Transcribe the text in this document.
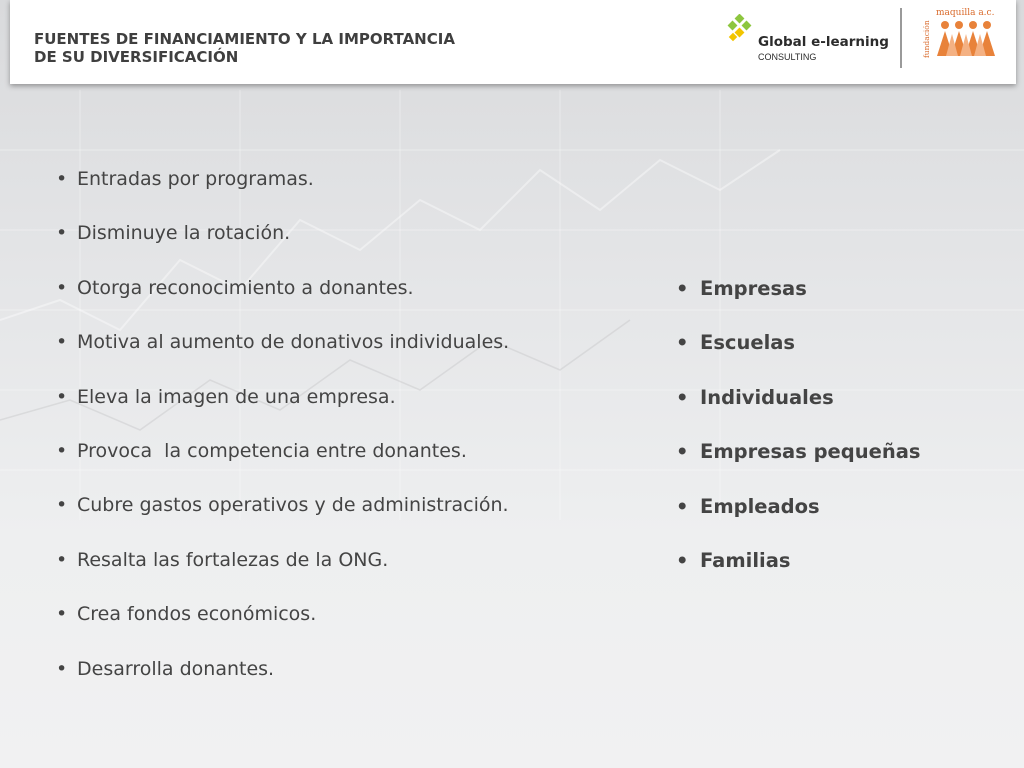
FUENTES DE FINANCIAMIENTO Y LA IMPORTANCIA
DE SU DIVERSIFICACIÓN
Global e-learning
CONSULTING	fundación
maquilla a.c.
• Entradas por programas.
• Disminuye la rotación.
• Otorga reconocimiento a donantes.
• Motiva al aumento de donativos individuales.
• Eleva la imagen de una empresa.
• Provoca  la competencia entre donantes.
• Cubre gastos operativos y de administración.
• Resalta las fortalezas de la ONG.
• Crea fondos económicos.
• Desarrolla donantes.
• Empresas
• Escuelas
• Individuales
• Empresas pequeñas
• Empleados
• Familias
